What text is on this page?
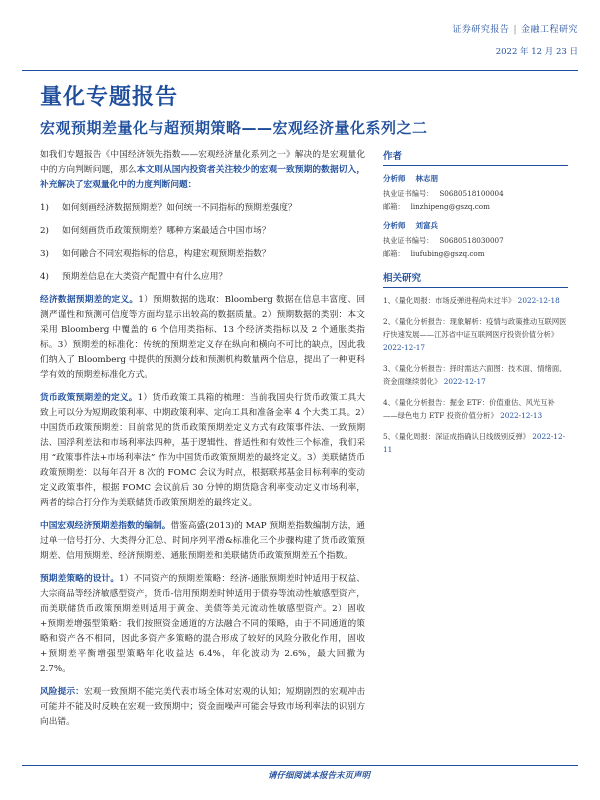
证券研究报告 | 金融工程研究
2022 年 12 月 23 日
量化专题报告
宏观预期差量化与超预期策略——宏观经济量化系列之二

如我们专题报告《中国经济领先指数——宏观经济量化系列之一》解决的是宏观量化中的方向判断问题，那么本文则从国内投资者关注较少的宏观一致预期的数据切入，补充解决了宏观量化中的力度判断问题：

1)	如何刻画经济数据预期差？如何统一不同指标的预期差强度？
2)	如何刻画货币政策预期差？哪种方案最适合中国市场？
3)	如何融合不同宏观指标的信息，构建宏观预期差指数？
4)	预期差信息在大类资产配置中有什么应用？

经济数据预期差的定义。1）预期数据的选取：Bloomberg 数据在信息丰富度、回测严谨性和预测可信度等方面均显示出较高的数据质量。2）预期数据的类别：本文采用 Bloomberg 中覆盖的 6 个信用类指标、13 个经济类指标以及 2 个通胀类指标。3）预期差的标准化：传统的预期差定义存在纵向和横向不可比的缺点，因此我们纳入了 Bloomberg 中提供的预测分歧和预测机构数量两个信息，提出了一种更科学有效的预期差标准化方式。

货币政策预期差的定义。1）货币政策工具箱的梳理：当前我国央行货币政策工具大致上可以分为短期政策利率、中期政策利率、定向工具和准备金率 4 个大类工具。2）中国货币政策预期差：目前常见的货币政策预期差定义方式有政策事件法、一致预期法、国浮利差法和市场利率法四种，基于逻辑性、普适性和有效性三个标准，我们采用 “政策事件法+市场利率法” 作为中国货币政策预期差的最终定义。3）美联储货币政策预期差：以每年召开 8 次的 FOMC 会议为时点，根据联邦基金目标利率的变动定义政策事件，根据 FOMC 会议前后 30 分钟的期货隐含利率变动定义市场利率，两者的综合打分作为美联储货币政策预期差的最终定义。

中国宏观经济预期差指数的编制。借鉴高盛(2013)的 MAP 预期差指数编制方法，通过单一信号打分、大类得分汇总、时间序列平滑&标准化三个步骤构建了货币政策预期差、信用预期差、经济预期差、通胀预期差和美联储货币政策预期差五个指数。

预期差策略的设计。1）不同资产的预期差策略：经济-通胀预期差时钟适用于权益、大宗商品等经济敏感型资产，货币-信用预期差时钟适用于债券等流动性敏感型资产，而美联储货币政策预期差则适用于黄金、美债等美元流动性敏感型资产。2）固收+预期差增强型策略：我们按照资金通道的方法融合不同的策略，由于不同通道的策略和资产各不相同，因此多资产多策略的混合形成了较好的风险分散化作用，固收+预期差平衡增强型策略年化收益达 6.4%，年化波动为 2.6%，最大回撤为 2.7%。

风险提示：宏观一致预期不能完美代表市场全体对宏观的认知；短期剧烈的宏观冲击可能并不能及时反映在宏观一致预期中；资金面噪声可能会导致市场利率法的识别方向出错。

作者
分析师 林志朋
执业证书编号： S0680518100004
邮箱： linzhipeng@gszq.com
分析师 刘富兵
执业证书编号： S0680518030007
邮箱： liufubing@gszq.com
相关研究
1、《量化周报：市场反弹进程尚未过半》 2022-12-18
2、《量化分析报告：现象解析：疫情与政策推动互联网医疗快速发展——江苏省中证互联网医疗投资价值分析》 2022-12-17
3、《量化分析报告：择时需达六面图：技术面、情绪面、资金面继续弱化》 2022-12-17
4、《量化分析报告：掘金 ETF：价值重估、风光互补——绿色电力 ETF 投资价值分析》 2022-12-13
5、《量化周报：深证成指确认日线级别反弹》 2022-12-11
请仔细阅读本报告末页声明
